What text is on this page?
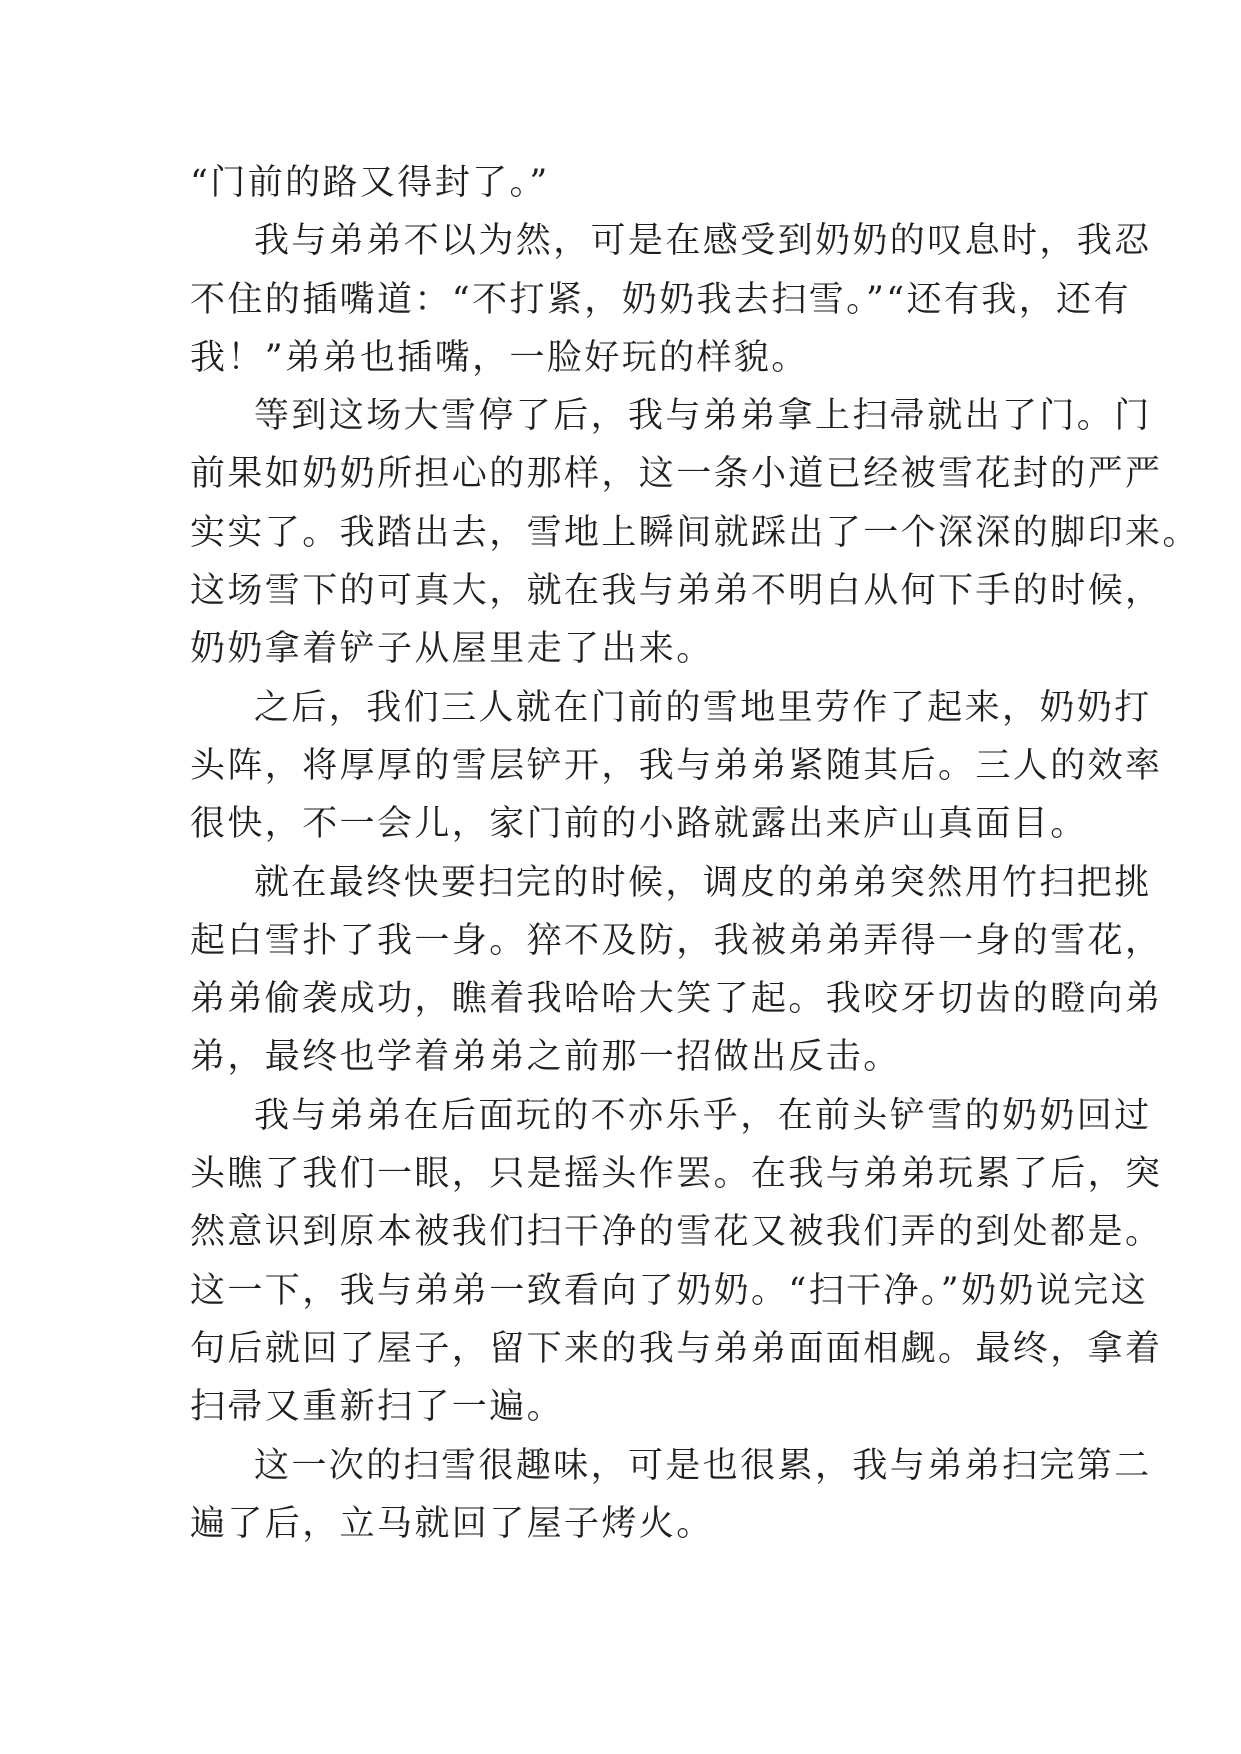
“门前的路又得封了。”
我与弟弟不以为然，可是在感受到奶奶的叹息时，我忍
不住的插嘴道：“不打紧，奶奶我去扫雪。”“还有我，还有
我！”弟弟也插嘴，一脸好玩的样貌。
等到这场大雪停了后，我与弟弟拿上扫帚就出了门。门
前果如奶奶所担心的那样，这一条小道已经被雪花封的严严
实实了。我踏出去，雪地上瞬间就踩出了一个深深的脚印来。
这场雪下的可真大，就在我与弟弟不明白从何下手的时候，
奶奶拿着铲子从屋里走了出来。
之后，我们三人就在门前的雪地里劳作了起来，奶奶打
头阵，将厚厚的雪层铲开，我与弟弟紧随其后。三人的效率
很快，不一会儿，家门前的小路就露出来庐山真面目。
就在最终快要扫完的时候，调皮的弟弟突然用竹扫把挑
起白雪扑了我一身。猝不及防，我被弟弟弄得一身的雪花，
弟弟偷袭成功，瞧着我哈哈大笑了起。我咬牙切齿的瞪向弟
弟，最终也学着弟弟之前那一招做出反击。
我与弟弟在后面玩的不亦乐乎，在前头铲雪的奶奶回过
头瞧了我们一眼，只是摇头作罢。在我与弟弟玩累了后，突
然意识到原本被我们扫干净的雪花又被我们弄的到处都是。
这一下，我与弟弟一致看向了奶奶。“扫干净。”奶奶说完这
句后就回了屋子，留下来的我与弟弟面面相觑。最终，拿着
扫帚又重新扫了一遍。
这一次的扫雪很趣味，可是也很累，我与弟弟扫完第二
遍了后，立马就回了屋子烤火。
